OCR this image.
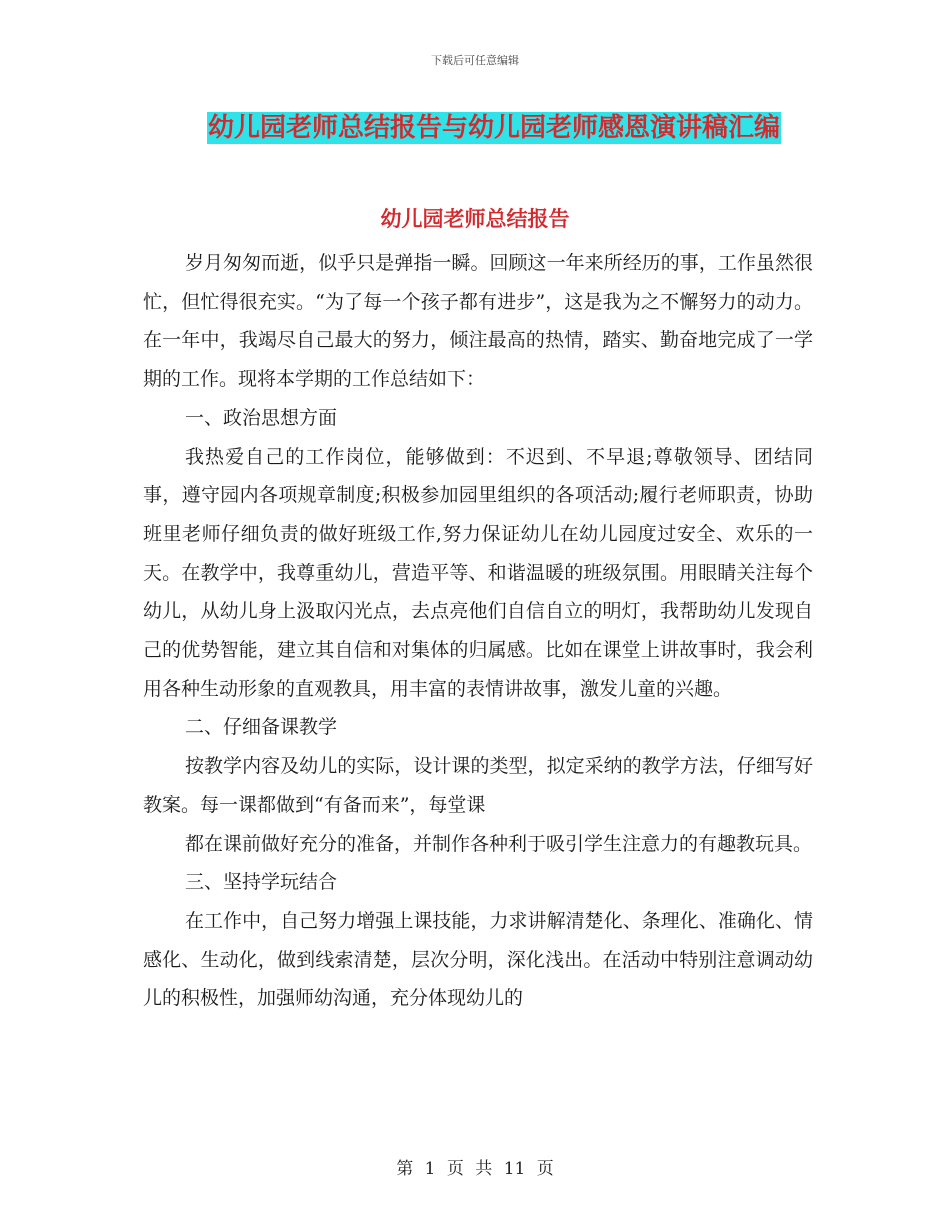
下载后可任意编辑
幼儿园老师总结报告与幼儿园老师感恩演讲稿汇编
幼儿园老师总结报告

岁月匆匆而逝，似乎只是弹指一瞬。回顾这一年来所经历的事，工作虽然很忙，但忙得很充实。“为了每一个孩子都有进步”，这是我为之不懈努力的动力。在一年中，我竭尽自己最大的努力，倾注最高的热情，踏实、勤奋地完成了一学期的工作。现将本学期的工作总结如下：

一、政治思想方面

我热爱自己的工作岗位，能够做到：不迟到、不早退;尊敬领导、团结同事，遵守园内各项规章制度;积极参加园里组织的各项活动;履行老师职责，协助班里老师仔细负责的做好班级工作,努力保证幼儿在幼儿园度过安全、欢乐的一天。在教学中，我尊重幼儿，营造平等、和谐温暖的班级氛围。用眼睛关注每个幼儿，从幼儿身上汲取闪光点，去点亮他们自信自立的明灯，我帮助幼儿发现自己的优势智能，建立其自信和对集体的归属感。比如在课堂上讲故事时，我会利用各种生动形象的直观教具，用丰富的表情讲故事，激发儿童的兴趣。

二、仔细备课教学

按教学内容及幼儿的实际，设计课的类型，拟定采纳的教学方法，仔细写好教案。每一课都做到“有备而来”，每堂课

都在课前做好充分的准备，并制作各种利于吸引学生注意力的有趣教玩具。

三、坚持学玩结合

在工作中，自己努力增强上课技能，力求讲解清楚化、条理化、准确化、情感化、生动化，做到线索清楚，层次分明，深化浅出。在活动中特别注意调动幼儿的积极性，加强师幼沟通，充分体现幼儿的

第 1 页 共 11 页
